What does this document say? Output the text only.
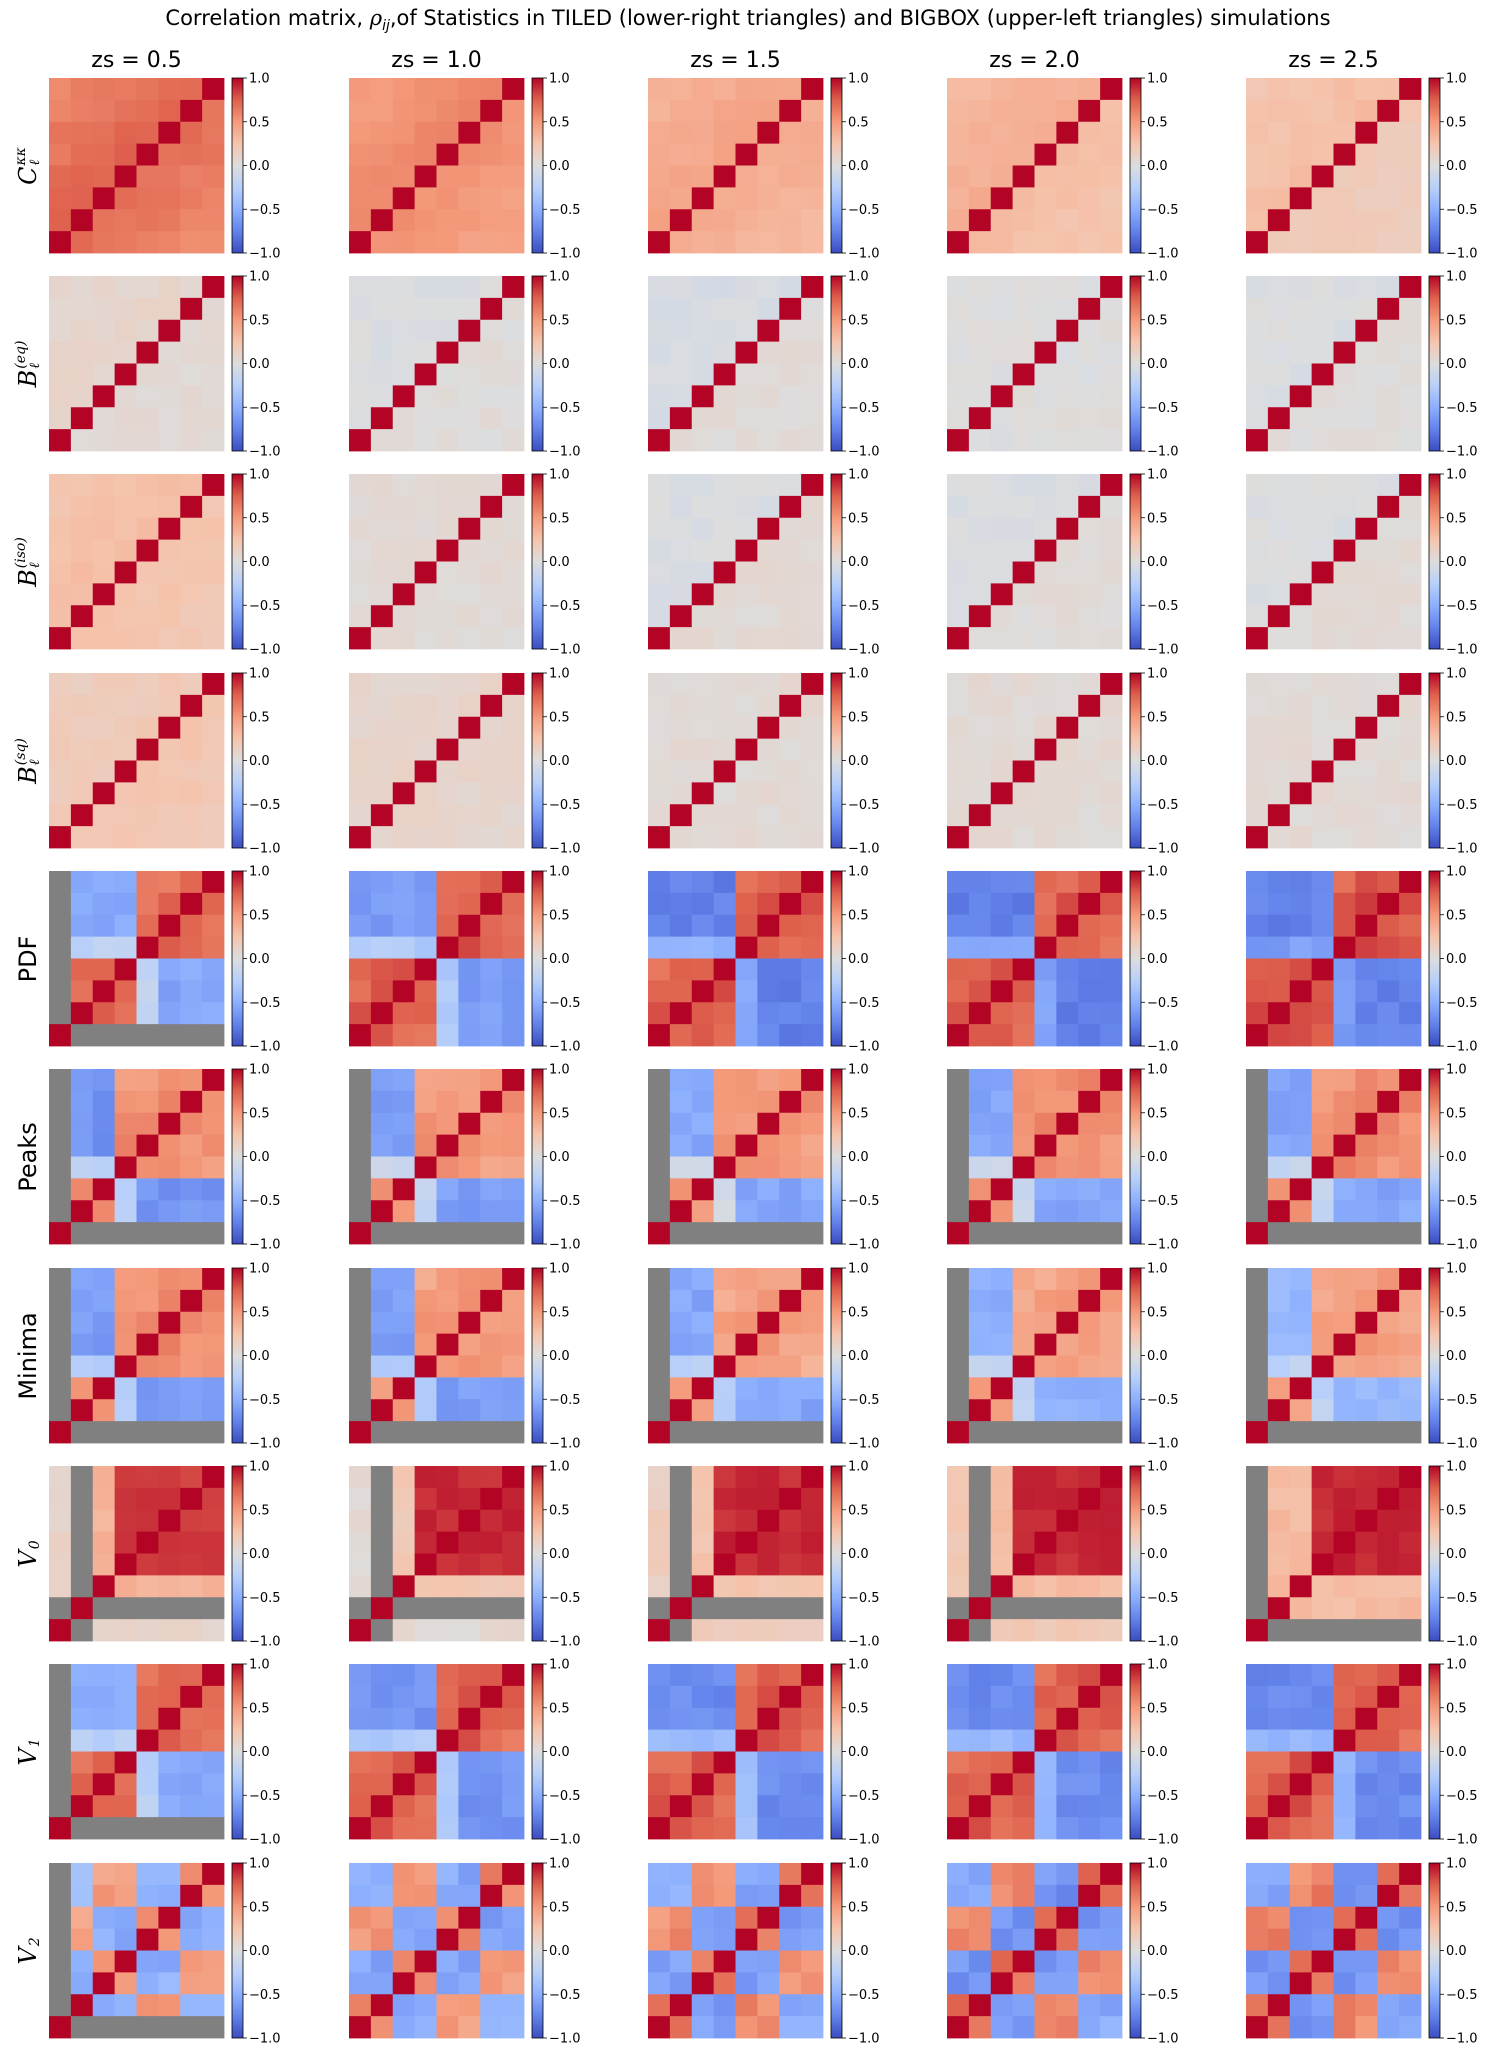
Correlation matrix, $\rho_{ij},of$ Statistics in TILED (lower-right triangles) and BIGBOX (upper-left triangles) simulations
zs = 0.5	zs = 1.0	zs = 1.5	zs = 2.0	zs = 2.5
C
κκ
ℓ
B
(eq)
ℓ
B
(iso)
ℓ
B
(sq)
ℓ
PDF
Peaks
Minima
V

0
V

1
V

2
1.0
0.5
0.0
−0.5
−1.0
1.0
0.5
0.0
−0.5
−1.0
1.0
0.5
0.0
−0.5
−1.0
1.0
0.5
0.0
−0.5
−1.0
1.0
0.5
0.0
−0.5
−1.0
1.0
0.5
0.0
−0.5
−1.0
1.0
0.5
0.0
−0.5
−1.0
1.0
0.5
0.0
−0.5
−1.0
1.0
0.5
0.0
−0.5
−1.0
1.0
0.5
0.0
−0.5
−1.0
1.0
0.5
0.0
−0.5
−1.0
1.0
0.5
0.0
−0.5
−1.0
1.0
0.5
0.0
−0.5
−1.0
1.0
0.5
0.0
−0.5
−1.0
1.0
0.5
0.0
−0.5
−1.0
1.0
0.5
0.0
−0.5
−1.0
1.0
0.5
0.0
−0.5
−1.0
1.0
0.5
0.0
−0.5
−1.0
1.0
0.5
0.0
−0.5
−1.0
1.0
0.5
0.0
−0.5
−1.0
1.0
0.5
0.0
−0.5
−1.0
1.0
0.5
0.0
−0.5
−1.0
1.0
0.5
0.0
−0.5
−1.0
1.0
0.5
0.0
−0.5
−1.0
1.0
0.5
0.0
−0.5
−1.0
1.0
0.5
0.0
−0.5
−1.0
1.0
0.5
0.0
−0.5
−1.0
1.0
0.5
0.0
−0.5
−1.0
1.0
0.5
0.0
−0.5
−1.0
1.0
0.5
0.0
−0.5
−1.0
1.0
0.5
0.0
−0.5
−1.0
1.0
0.5
0.0
−0.5
−1.0
1.0
0.5
0.0
−0.5
−1.0
1.0
0.5
0.0
−0.5
−1.0
1.0
0.5
0.0
−0.5
−1.0
1.0
0.5
0.0
−0.5
−1.0
1.0
0.5
0.0
−0.5
−1.0
1.0
0.5
0.0
−0.5
−1.0
1.0
0.5
0.0
−0.5
−1.0
1.0
0.5
0.0
−0.5
−1.0
1.0
0.5
0.0
−0.5
−1.0
1.0
0.5
0.0
−0.5
−1.0
1.0
0.5
0.0
−0.5
−1.0
1.0
0.5
0.0
−0.5
−1.0
1.0
0.5
0.0
−0.5
−1.0
1.0
0.5
0.0
−0.5
−1.0
1.0
0.5
0.0
−0.5
−1.0
1.0
0.5
0.0
−0.5
−1.0
1.0
0.5
0.0
−0.5
−1.0
1.0
0.5
0.0
−0.5
−1.0
